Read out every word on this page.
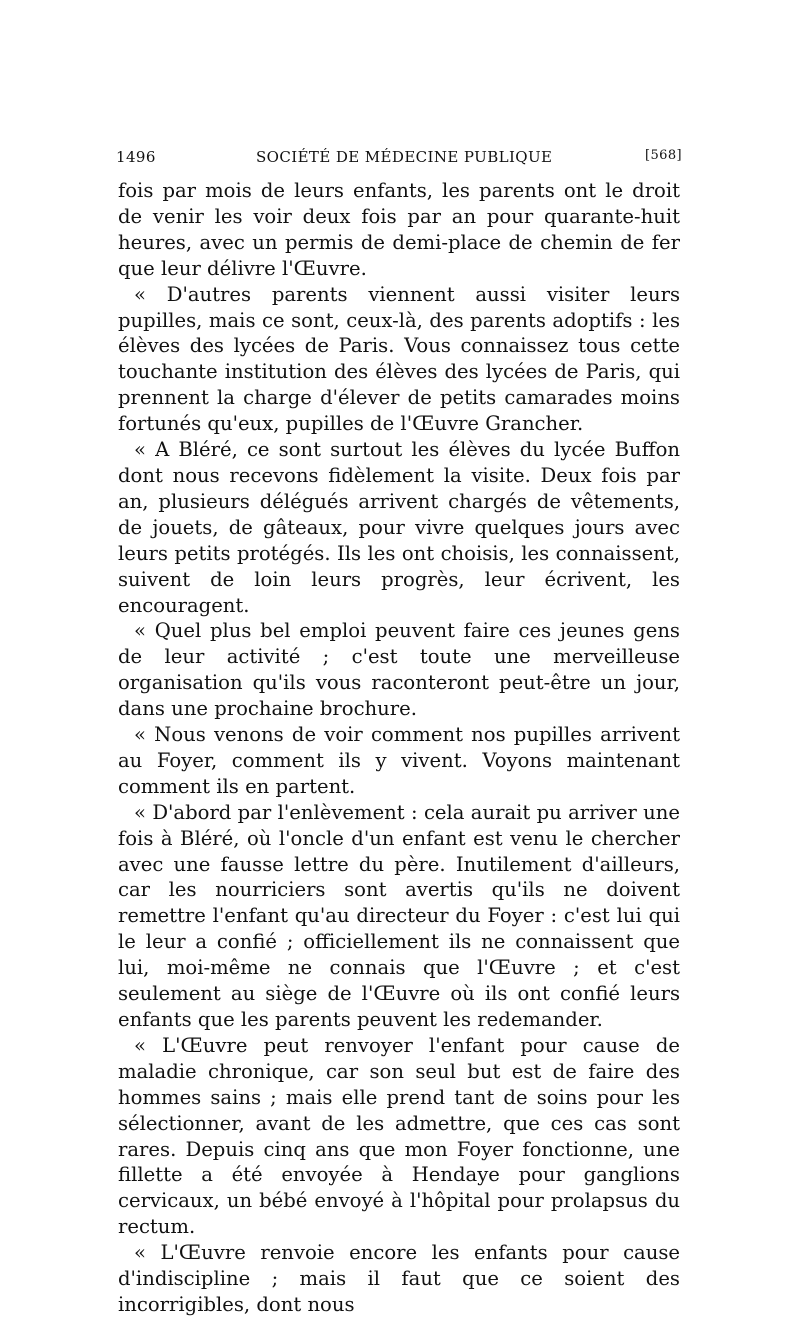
1496	SOCIÉTÉ DE MÉDECINE PUBLIQUE	[568]

fois par mois de leurs enfants, les parents ont le droit de venir les voir deux fois par an pour quarante-huit heures, avec un permis de demi-place de chemin de fer que leur délivre l'Œuvre.

« D'autres parents viennent aussi visiter leurs pupilles, mais ce sont, ceux-là, des parents adoptifs : les élèves des lycées de Paris. Vous connaissez tous cette touchante institution des élèves des lycées de Paris, qui prennent la charge d'élever de petits camarades moins fortunés qu'eux, pupilles de l'Œuvre Grancher.

« A Bléré, ce sont surtout les élèves du lycée Buffon dont nous recevons fidèlement la visite. Deux fois par an, plusieurs délégués arrivent chargés de vêtements, de jouets, de gâteaux, pour vivre quelques jours avec leurs petits protégés. Ils les ont choisis, les connaissent, suivent de loin leurs progrès, leur écrivent, les encouragent.

« Quel plus bel emploi peuvent faire ces jeunes gens de leur activité ; c'est toute une merveilleuse organisation qu'ils vous raconteront peut-être un jour, dans une prochaine brochure.

« Nous venons de voir comment nos pupilles arrivent au Foyer, comment ils y vivent. Voyons maintenant comment ils en partent.

« D'abord par l'enlèvement : cela aurait pu arriver une fois à Bléré, où l'oncle d'un enfant est venu le chercher avec une fausse lettre du père. Inutilement d'ailleurs, car les nourriciers sont avertis qu'ils ne doivent remettre l'enfant qu'au directeur du Foyer : c'est lui qui le leur a confié ; officiellement ils ne connaissent que lui, moi-même ne connais que l'Œuvre ; et c'est seulement au siège de l'Œuvre où ils ont confié leurs enfants que les parents peuvent les redemander.

« L'Œuvre peut renvoyer l'enfant pour cause de maladie chronique, car son seul but est de faire des hommes sains ; mais elle prend tant de soins pour les sélectionner, avant de les admettre, que ces cas sont rares. Depuis cinq ans que mon Foyer fonctionne, une fillette a été envoyée à Hendaye pour ganglions cervicaux, un bébé envoyé à l'hôpital pour prolapsus du rectum.

« L'Œuvre renvoie encore les enfants pour cause d'indiscipline ; mais il faut que ce soient des incorrigibles, dont nous
